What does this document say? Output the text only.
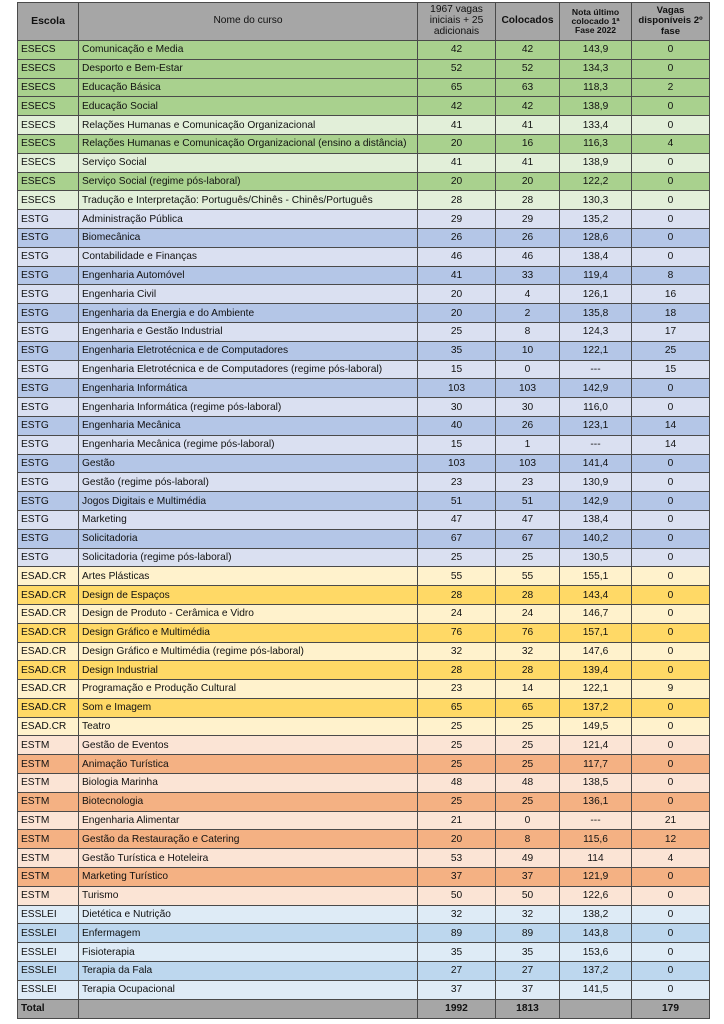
Escola	Nome do curso	1967 vagas iniciais + 25 adicionais	Colocados	Nota último colocado 1ª Fase 2022	Vagas disponíveis 2º fase
ESECS	Comunicação e Media	42	42	143,9	0
ESECS	Desporto e Bem-Estar	52	52	134,3	0
ESECS	Educação Básica	65	63	118,3	2
ESECS	Educação Social	42	42	138,9	0
ESECS	Relações Humanas e Comunicação Organizacional	41	41	133,4	0
ESECS	Relações Humanas e Comunicação Organizacional (ensino a distância)	20	16	116,3	4
ESECS	Serviço Social	41	41	138,9	0
ESECS	Serviço Social (regime pós-laboral)	20	20	122,2	0
ESECS	Tradução e Interpretação: Português/Chinês - Chinês/Português	28	28	130,3	0
ESTG	Administração Pública	29	29	135,2	0
ESTG	Biomecânica	26	26	128,6	0
ESTG	Contabilidade e Finanças	46	46	138,4	0
ESTG	Engenharia Automóvel	41	33	119,4	8
ESTG	Engenharia Civil	20	4	126,1	16
ESTG	Engenharia da Energia e do Ambiente	20	2	135,8	18
ESTG	Engenharia e Gestão Industrial	25	8	124,3	17
ESTG	Engenharia Eletrotécnica e de Computadores	35	10	122,1	25
ESTG	Engenharia Eletrotécnica e de Computadores (regime pós-laboral)	15	0	---	15
ESTG	Engenharia Informática	103	103	142,9	0
ESTG	Engenharia Informática (regime pós-laboral)	30	30	116,0	0
ESTG	Engenharia Mecânica	40	26	123,1	14
ESTG	Engenharia Mecânica (regime pós-laboral)	15	1	---	14
ESTG	Gestão	103	103	141,4	0
ESTG	Gestão (regime pós-laboral)	23	23	130,9	0
ESTG	Jogos Digitais e Multimédia	51	51	142,9	0
ESTG	Marketing	47	47	138,4	0
ESTG	Solicitadoria	67	67	140,2	0
ESTG	Solicitadoria (regime pós-laboral)	25	25	130,5	0
ESAD.CR	Artes Plásticas	55	55	155,1	0
ESAD.CR	Design de Espaços	28	28	143,4	0
ESAD.CR	Design de Produto - Cerâmica e Vidro	24	24	146,7	0
ESAD.CR	Design Gráfico e Multimédia	76	76	157,1	0
ESAD.CR	Design Gráfico e Multimédia (regime pós-laboral)	32	32	147,6	0
ESAD.CR	Design Industrial	28	28	139,4	0
ESAD.CR	Programação e Produção Cultural	23	14	122,1	9
ESAD.CR	Som e Imagem	65	65	137,2	0
ESAD.CR	Teatro	25	25	149,5	0
ESTM	Gestão de Eventos	25	25	121,4	0
ESTM	Animação Turística	25	25	117,7	0
ESTM	Biologia Marinha	48	48	138,5	0
ESTM	Biotecnologia	25	25	136,1	0
ESTM	Engenharia Alimentar	21	0	---	21
ESTM	Gestão da Restauração e Catering	20	8	115,6	12
ESTM	Gestão Turística e Hoteleira	53	49	114	4
ESTM	Marketing Turístico	37	37	121,9	0
ESTM	Turismo	50	50	122,6	0
ESSLEI	Dietética e Nutrição	32	32	138,2	0
ESSLEI	Enfermagem	89	89	143,8	0
ESSLEI	Fisioterapia	35	35	153,6	0
ESSLEI	Terapia da Fala	27	27	137,2	0
ESSLEI	Terapia Ocupacional	37	37	141,5	0
Total		1992	1813		179
